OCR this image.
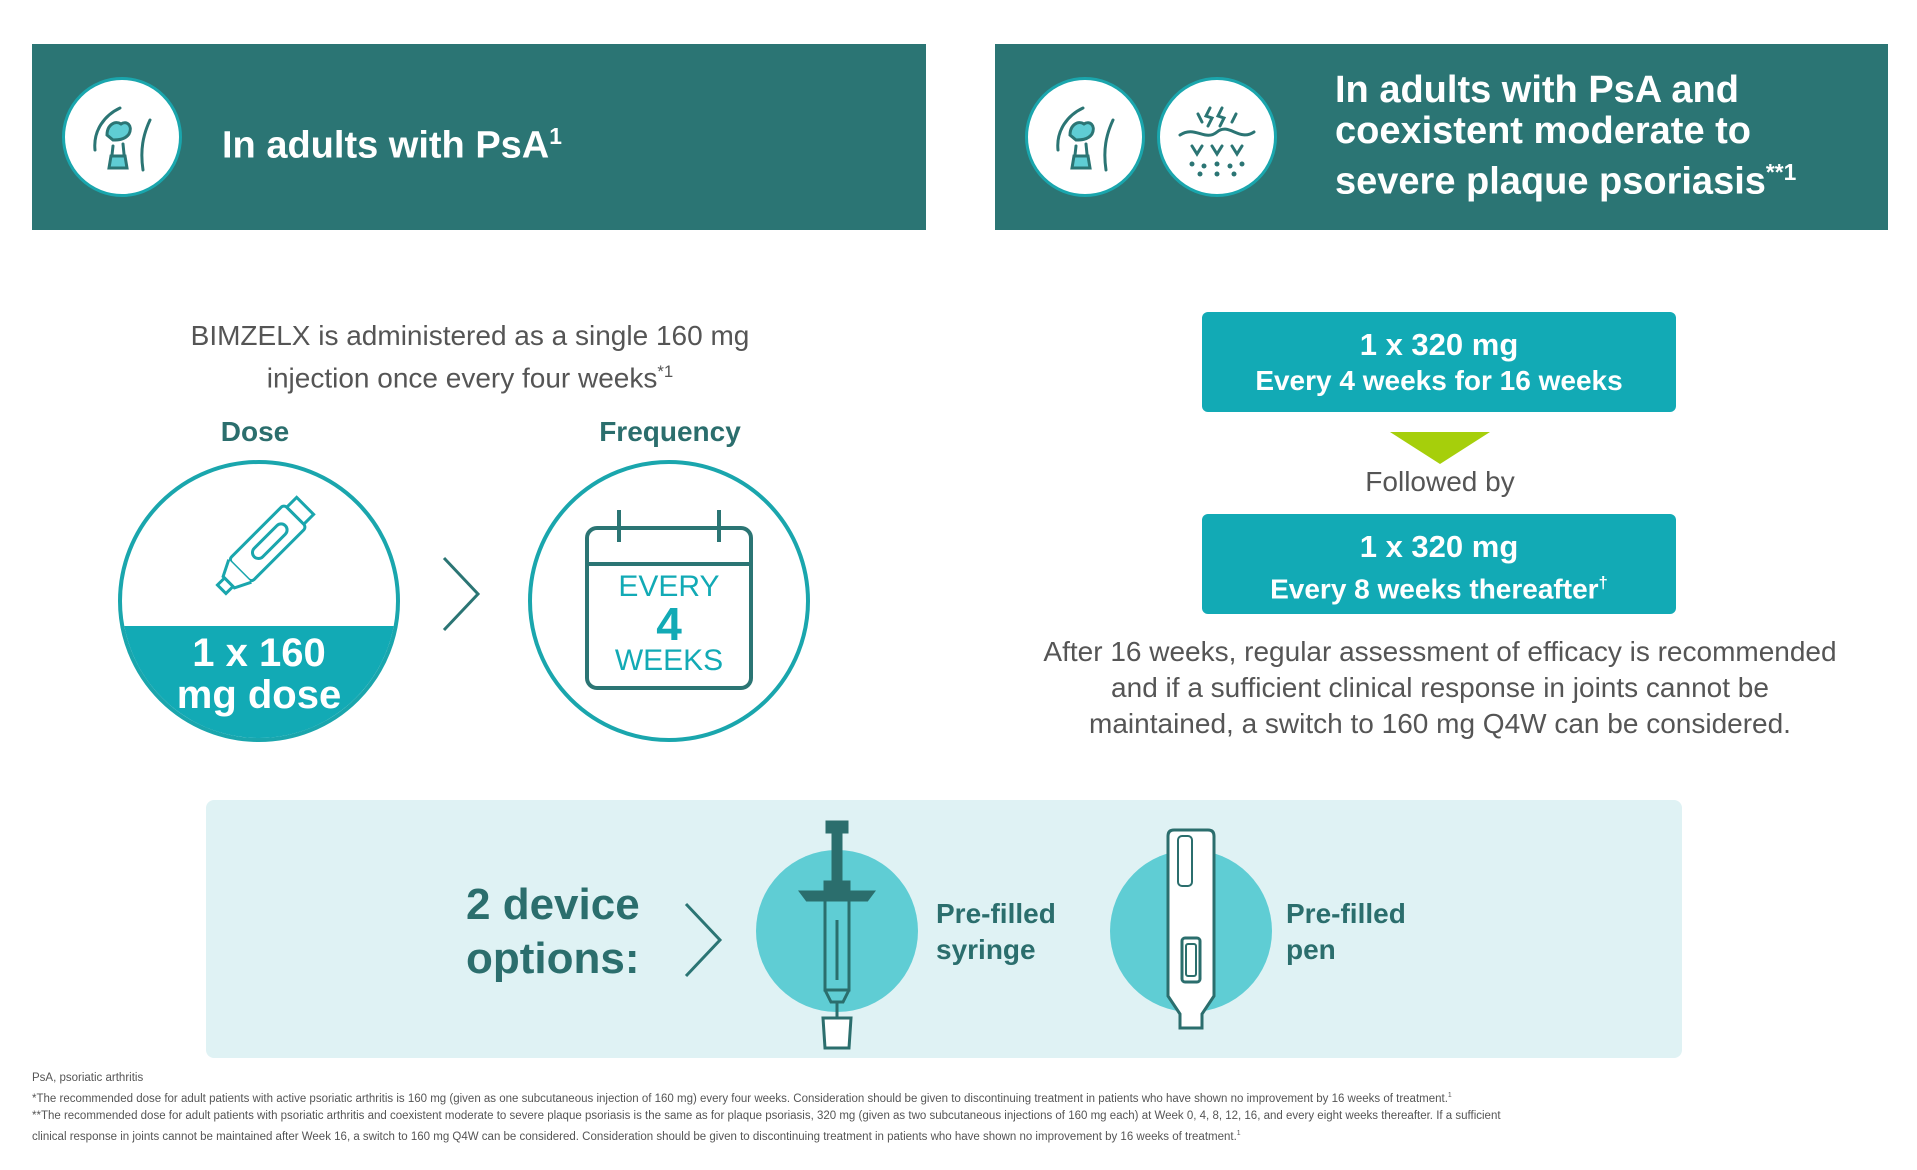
In adults with PsA$^1$
In adults with PsA and
coexistent moderate to
severe plaque psoriasis$^{**1}$
BIMZELX is administered as a single 160 mg
injection once every four weeks$^{*1}$
Dose	Frequency
1 x 160
mg dose
EVERY
4
WEEKS
1 x 320 mg
Every 4 weeks for 16 weeks
Followed by
1 x 320 mg
Every 8 weeks thereafter†
After 16 weeks, regular assessment of efficacy is recommended
and if a sufficient clinical response in joints cannot be
maintained, a switch to 160 mg Q4W can be considered.
2 device
options:
Pre-filled
syringe
Pre-filled
pen
PsA, psoriatic arthritis
*The recommended dose for adult patients with active psoriatic arthritis is 160 mg (given as one subcutaneous injection of 160 mg) every four weeks. Consideration should be given to discontinuing treatment in patients who have shown no improvement by 16 weeks of treatment.$^1$
**The recommended dose for adult patients with psoriatic arthritis and coexistent moderate to severe plaque psoriasis is the same as for plaque psoriasis, 320 mg (given as two subcutaneous injections of 160 mg each) at Week 0, 4, 8, 12, 16, and every eight weeks thereafter. If a sufficient
clinical response in joints cannot be maintained after Week 16, a switch to 160 mg Q4W can be considered. Consideration should be given to discontinuing treatment in patients who have shown no improvement by 16 weeks of treatment.$^1$
